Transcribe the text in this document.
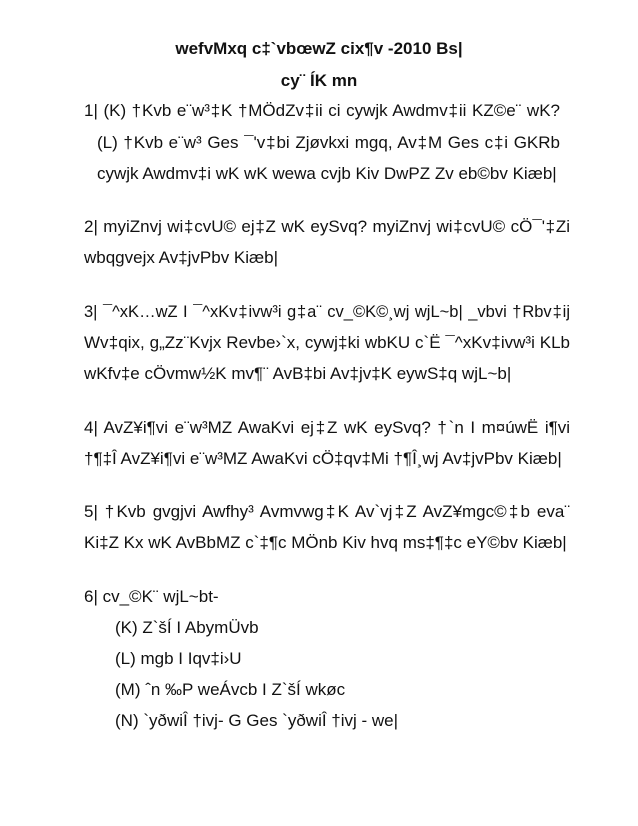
wefvMxq c‡`vbœwZ cix¶v -2010 Bs|
cy¨ ÍK mn
1| (K) †Kvb e¨w³‡K †MÖdZv‡ii ci cywjk Awdmv‡ii KZ©e¨ wK?
(L) †Kvb e¨w³ Ges ¯'v‡bi Zjøvkxi mgq, Av‡M Ges c‡i GKRb
cywjk Awdmv‡i wK wK wewa cvjb Kiv DwPZ Zv eb©bv Kiæb|
2| myiZnvj wi‡cvU© ej‡Z wK eySvq? myiZnvj wi‡cvU© cÖ¯'‡Zi
wbqgvejx Av‡jvPbv Kiæb|
3| ¯^xK…wZ I ¯^xKv‡ivw³i g‡a¨ cv_©K©¸wj wjL~b| _vbvi †Rbv‡ij
Wv‡qix, g„Zz¨Kvjx Revbe›`x, cywj‡ki wbKU c`Ë ¯^xKv‡ivw³i KLb
wKfv‡e cÖvmw½K mv¶¨ AvB‡bi Av‡jv‡K eywS‡q wjL~b|
4| AvZ¥i¶vi e¨w³MZ AwaKvi ej‡Z wK eySvq? †`n I m¤úwË i¶vi
†¶‡Î AvZ¥i¶vi e¨w³MZ AwaKvi cÖ‡qv‡Mi †¶Î¸wj Av‡jvPbv Kiæb|
5| †Kvb gvgjvi Awfhy³ Avmvwg‡K Av`vj‡Z AvZ¥mgc©‡b eva¨
Ki‡Z Kx wK AvBbMZ c`‡¶c MÖnb Kiv hvq ms‡¶‡c eY©bv Kiæb|
6| cv_©K¨ wjL~bt-
(K) Z`šÍ I AbymÜvb
(L) mgb I Iqv‡i›U
(M) ˆn ‰P weÁvcb I Z`šÍ wkøc
(N) `yðwiÎ †ivj- G Ges `yðwiÎ †ivj - we|
